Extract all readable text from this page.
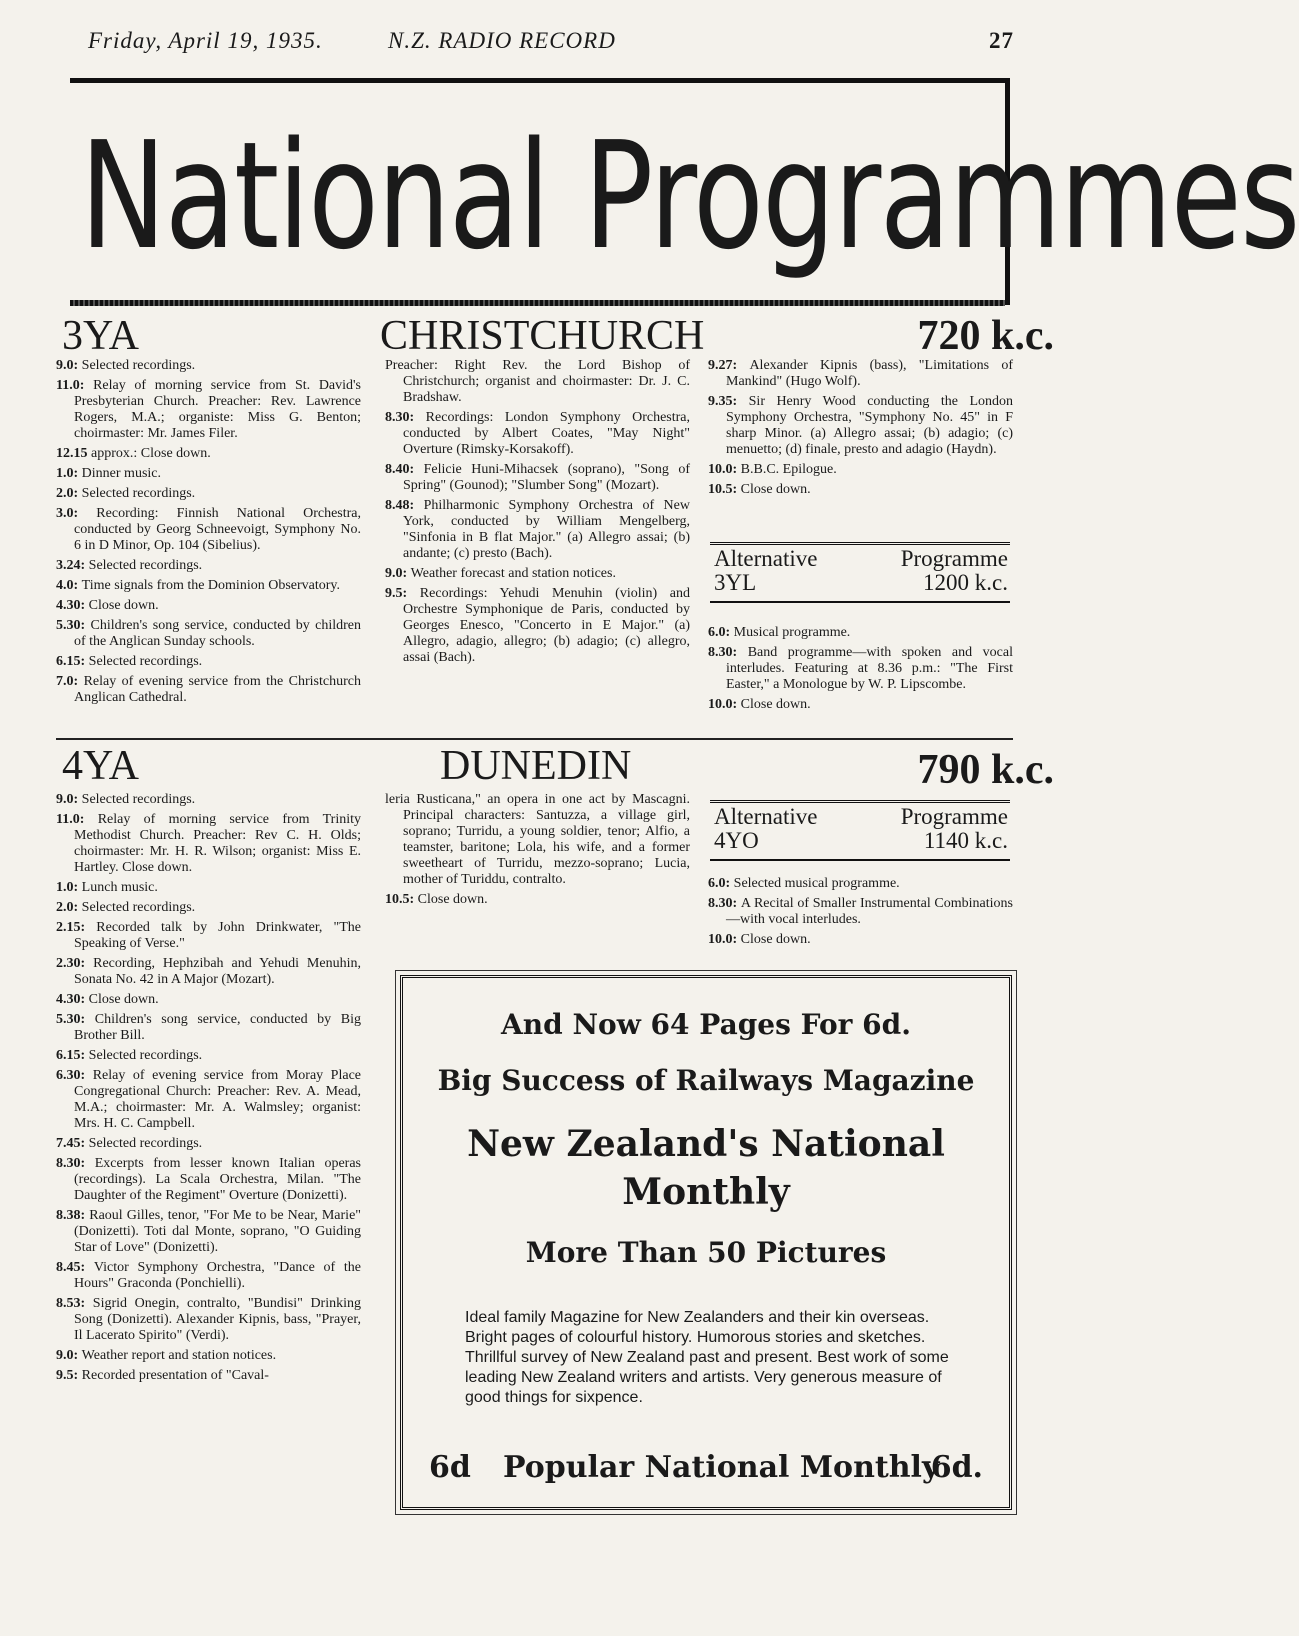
Friday, April 19, 1935.	N.Z. RADIO RECORD	27
National Programmes
3YA	CHRISTCHURCH	720 k.c.

9.0: Selected recordings.

11.0: Relay of morning service from St. David's Presbyterian Church. Preacher: Rev. Lawrence Rogers, M.A.; organiste: Miss G. Benton; choirmaster: Mr. James Filer.

12.15 approx.: Close down.

1.0: Dinner music.

2.0: Selected recordings.

3.0: Recording: Finnish National Orchestra, conducted by Georg Schneevoigt, Symphony No. 6 in D Minor, Op. 104 (Sibelius).

3.24: Selected recordings.

4.0: Time signals from the Dominion Observatory.

4.30: Close down.

5.30: Children's song service, conducted by children of the Anglican Sunday schools.

6.15: Selected recordings.

7.0: Relay of evening service from the Christchurch Anglican Cathedral.

Preacher: Right Rev. the Lord Bishop of Christchurch; organist and choirmaster: Dr. J. C. Bradshaw.

8.30: Recordings: London Symphony Orchestra, conducted by Albert Coates, "May Night" Overture (Rimsky-Korsakoff).

8.40: Felicie Huni-Mihacsek (soprano), "Song of Spring" (Gounod); "Slumber Song" (Mozart).

8.48: Philharmonic Symphony Orchestra of New York, conducted by William Mengelberg, "Sinfonia in B flat Major." (a) Allegro assai; (b) andante; (c) presto (Bach).

9.0: Weather forecast and station notices.

9.5: Recordings: Yehudi Menuhin (violin) and Orchestre Symphonique de Paris, conducted by Georges Enesco, "Concerto in E Major." (a) Allegro, adagio, allegro; (b) adagio; (c) allegro, assai (Bach).

9.27: Alexander Kipnis (bass), "Limitations of Mankind" (Hugo Wolf).

9.35: Sir Henry Wood conducting the London Symphony Orchestra, "Symphony No. 45" in F sharp Minor. (a) Allegro assai; (b) adagio; (c) menuetto; (d) finale, presto and adagio (Haydn).

10.0: B.B.C. Epilogue.

10.5: Close down.

Alternative	Programme
3YL	1200 k.c.

6.0: Musical programme.

8.30: Band programme—with spoken and vocal interludes. Featuring at 8.36 p.m.: "The First Easter," a Monologue by W. P. Lipscombe.

10.0: Close down.

4YA	DUNEDIN	790 k.c.

9.0: Selected recordings.

11.0: Relay of morning service from Trinity Methodist Church. Preacher: Rev C. H. Olds; choirmaster: Mr. H. R. Wilson; organist: Miss E. Hartley. Close down.

1.0: Lunch music.

2.0: Selected recordings.

2.15: Recorded talk by John Drinkwater, "The Speaking of Verse."

2.30: Recording, Hephzibah and Yehudi Menuhin, Sonata No. 42 in A Major (Mozart).

4.30: Close down.

5.30: Children's song service, conducted by Big Brother Bill.

6.15: Selected recordings.

6.30: Relay of evening service from Moray Place Congregational Church: Preacher: Rev. A. Mead, M.A.; choirmaster: Mr. A. Walmsley; organist: Mrs. H. C. Campbell.

7.45: Selected recordings.

8.30: Excerpts from lesser known Italian operas (recordings). La Scala Orchestra, Milan. "The Daughter of the Regiment" Overture (Donizetti).

8.38: Raoul Gilles, tenor, "For Me to be Near, Marie" (Donizetti). Toti dal Monte, soprano, "O Guiding Star of Love" (Donizetti).

8.45: Victor Symphony Orchestra, "Dance of the Hours" Graconda (Ponchielli).

8.53: Sigrid Onegin, contralto, "Bundisi" Drinking Song (Donizetti). Alexander Kipnis, bass, "Prayer, Il Lacerato Spirito" (Verdi).

9.0: Weather report and station notices.

9.5: Recorded presentation of "Caval-

leria Rusticana," an opera in one act by Mascagni. Principal characters: Santuzza, a village girl, soprano; Turridu, a young soldier, tenor; Alfio, a teamster, baritone; Lola, his wife, and a former sweetheart of Turridu, mezzo-soprano; Lucia, mother of Turiddu, contralto.

10.5: Close down.

Alternative	Programme
4YO	1140 k.c.

6.0: Selected musical programme.

8.30: A Recital of Smaller Instrumental Combinations—with vocal interludes.

10.0: Close down.

And Now 64 Pages For 6d.
Big Success of Railways Magazine
New Zealand's National
Monthly
More Than 50 Pictures
Ideal family Magazine for New Zealanders and their kin overseas. Bright pages of colourful history. Humorous stories and sketches. Thrillful survey of New Zealand past and present. Best work of some leading New Zealand writers and artists. Very generous measure of good things for sixpence.
6d Popular National Monthly
6d.
